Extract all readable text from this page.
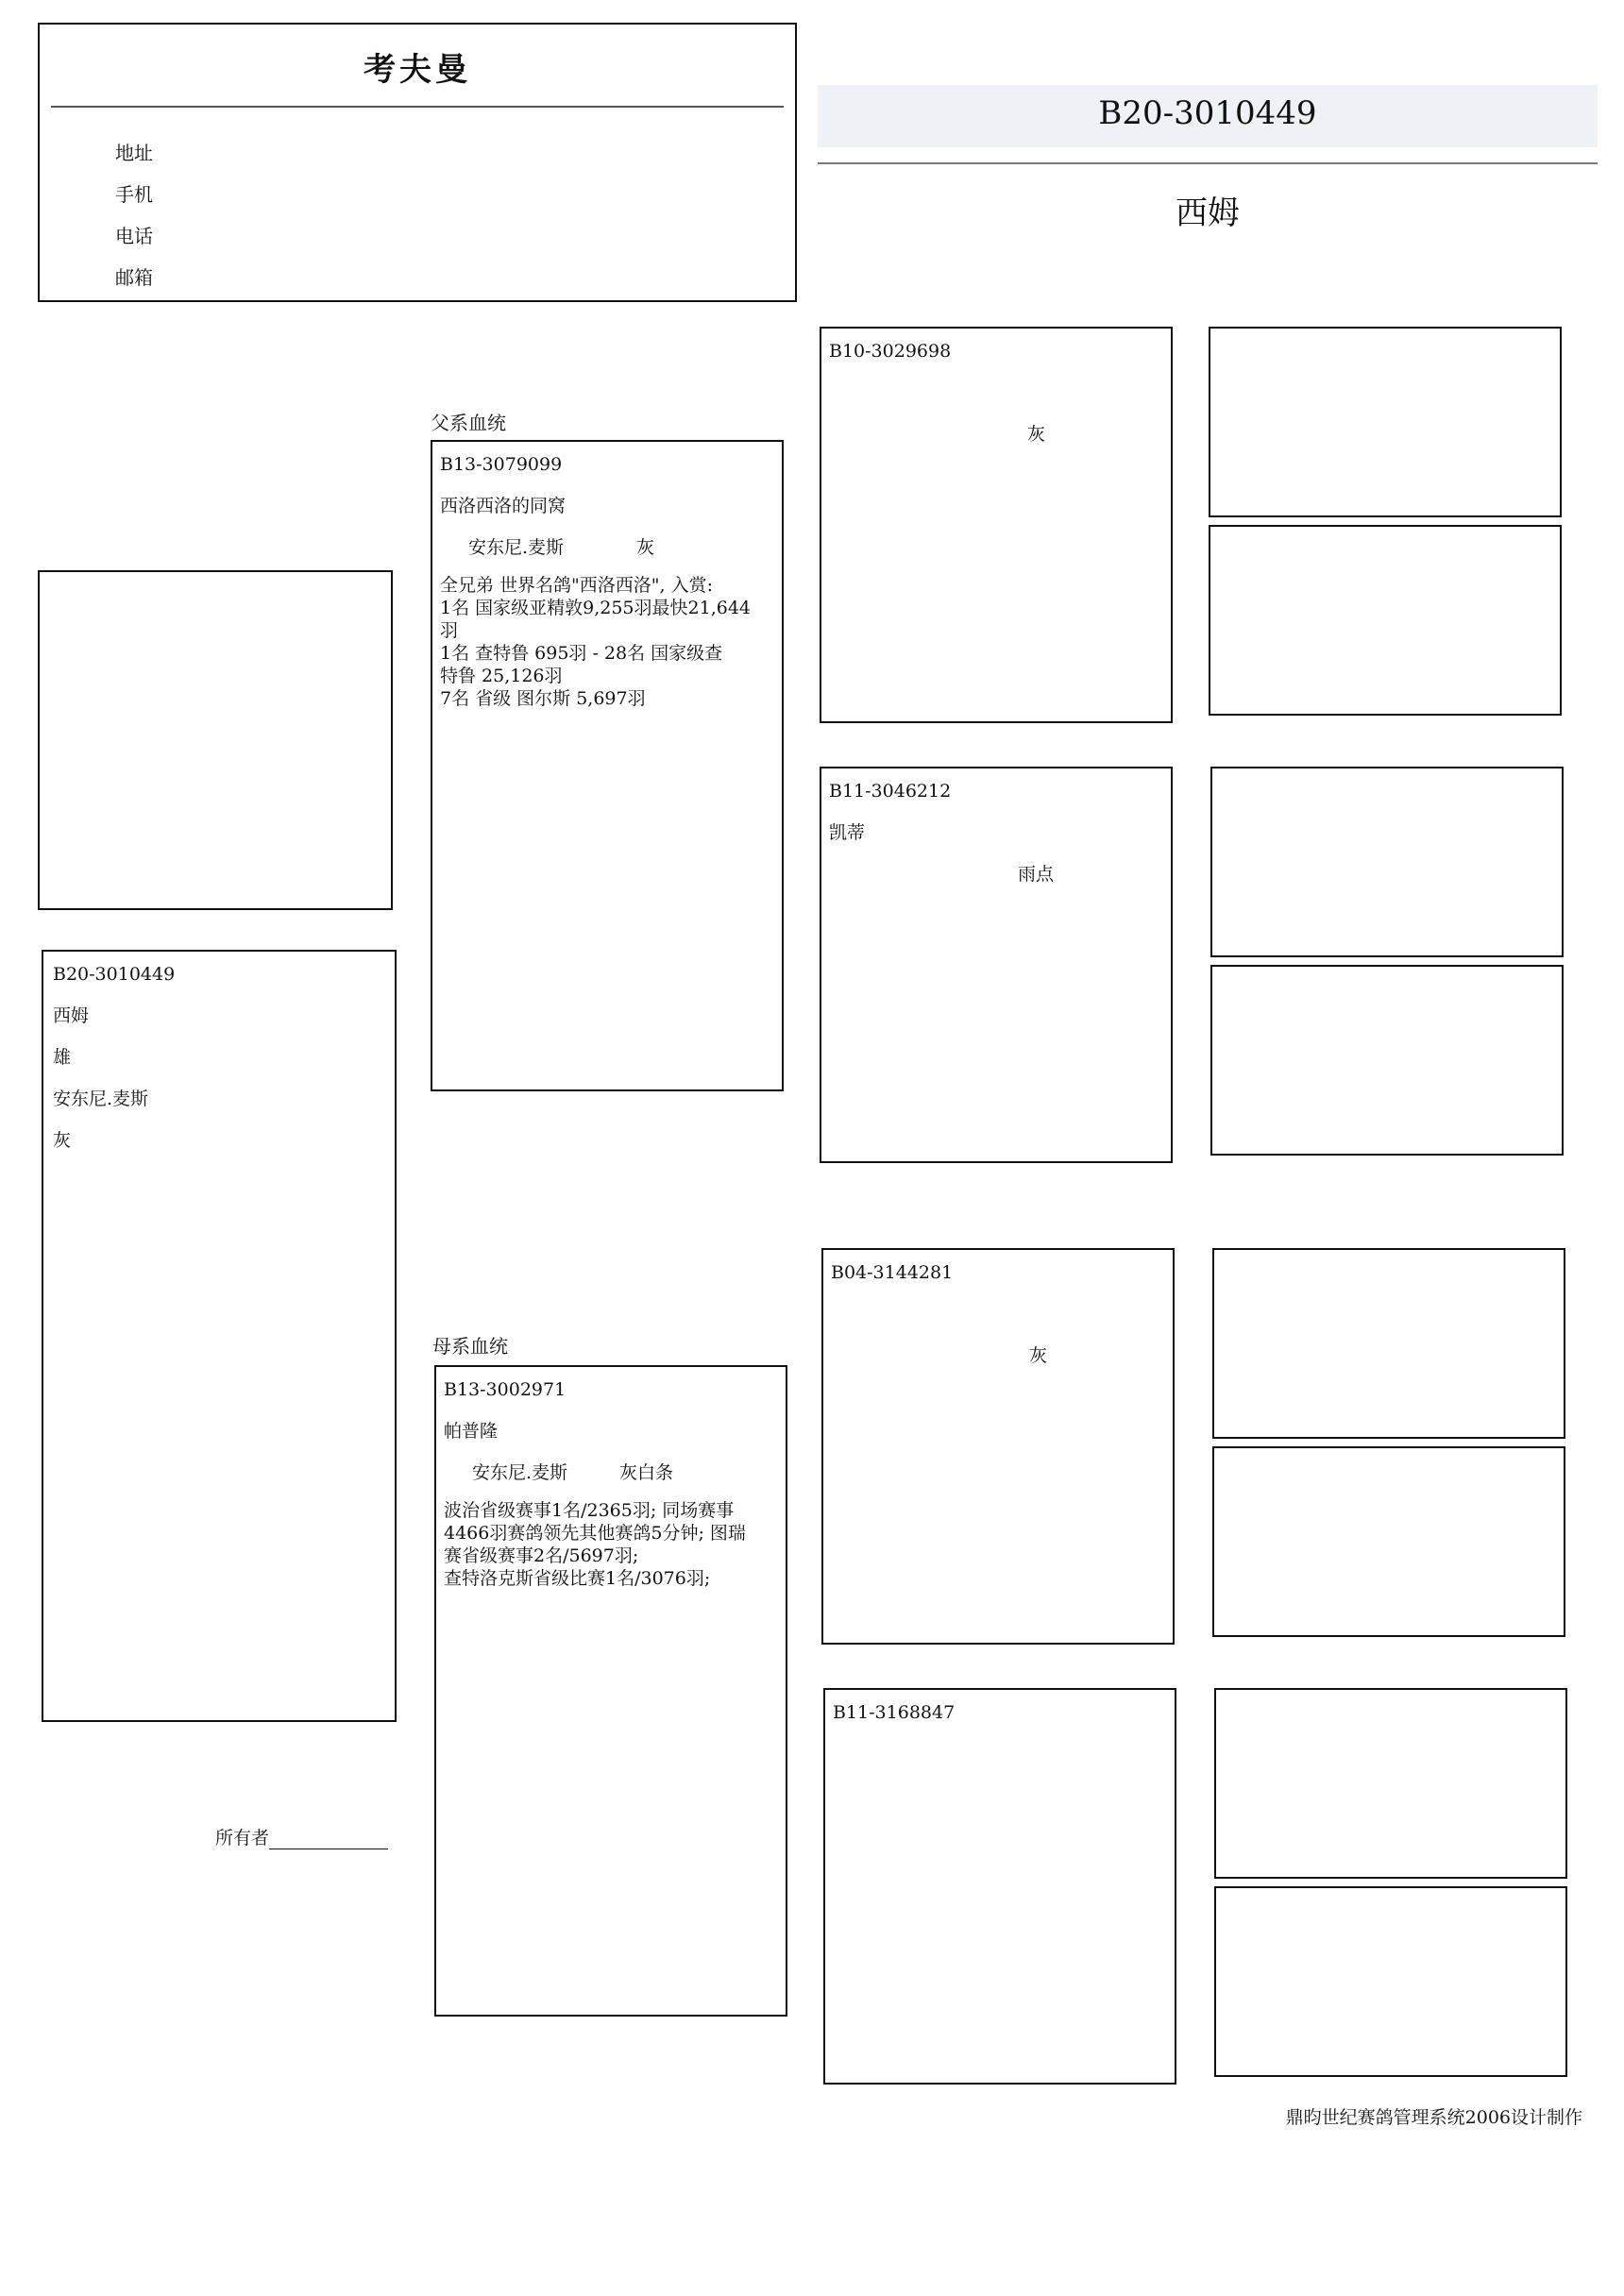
考夫曼
地址
手机
电话
邮箱
B20-3010449
西姆
B20-3010449
西姆
雄
安东尼.麦斯
灰
所有者
父系血统
B13-3079099
西洛西洛的同窝
安东尼.麦斯	灰
全兄弟 世界名鸽"西洛西洛", 入赏:
1名 国家级亚精敦9,255羽最快21,644
羽
1名 查特鲁 695羽 - 28名 国家级查
特鲁 25,126羽
7名 省级 图尔斯 5,697羽
母系血统
B13-3002971
帕普隆
安东尼.麦斯	灰白条
波治省级赛事1名/2365羽; 同场赛事
4466羽赛鸽领先其他赛鸽5分钟; 图瑞
赛省级赛事2名/5697羽;
查特洛克斯省级比赛1名/3076羽;
B10-3029698
灰
B11-3046212
凯蒂
雨点
B04-3144281
灰
B11-3168847
鼎昀世纪赛鸽管理系统2006设计制作
